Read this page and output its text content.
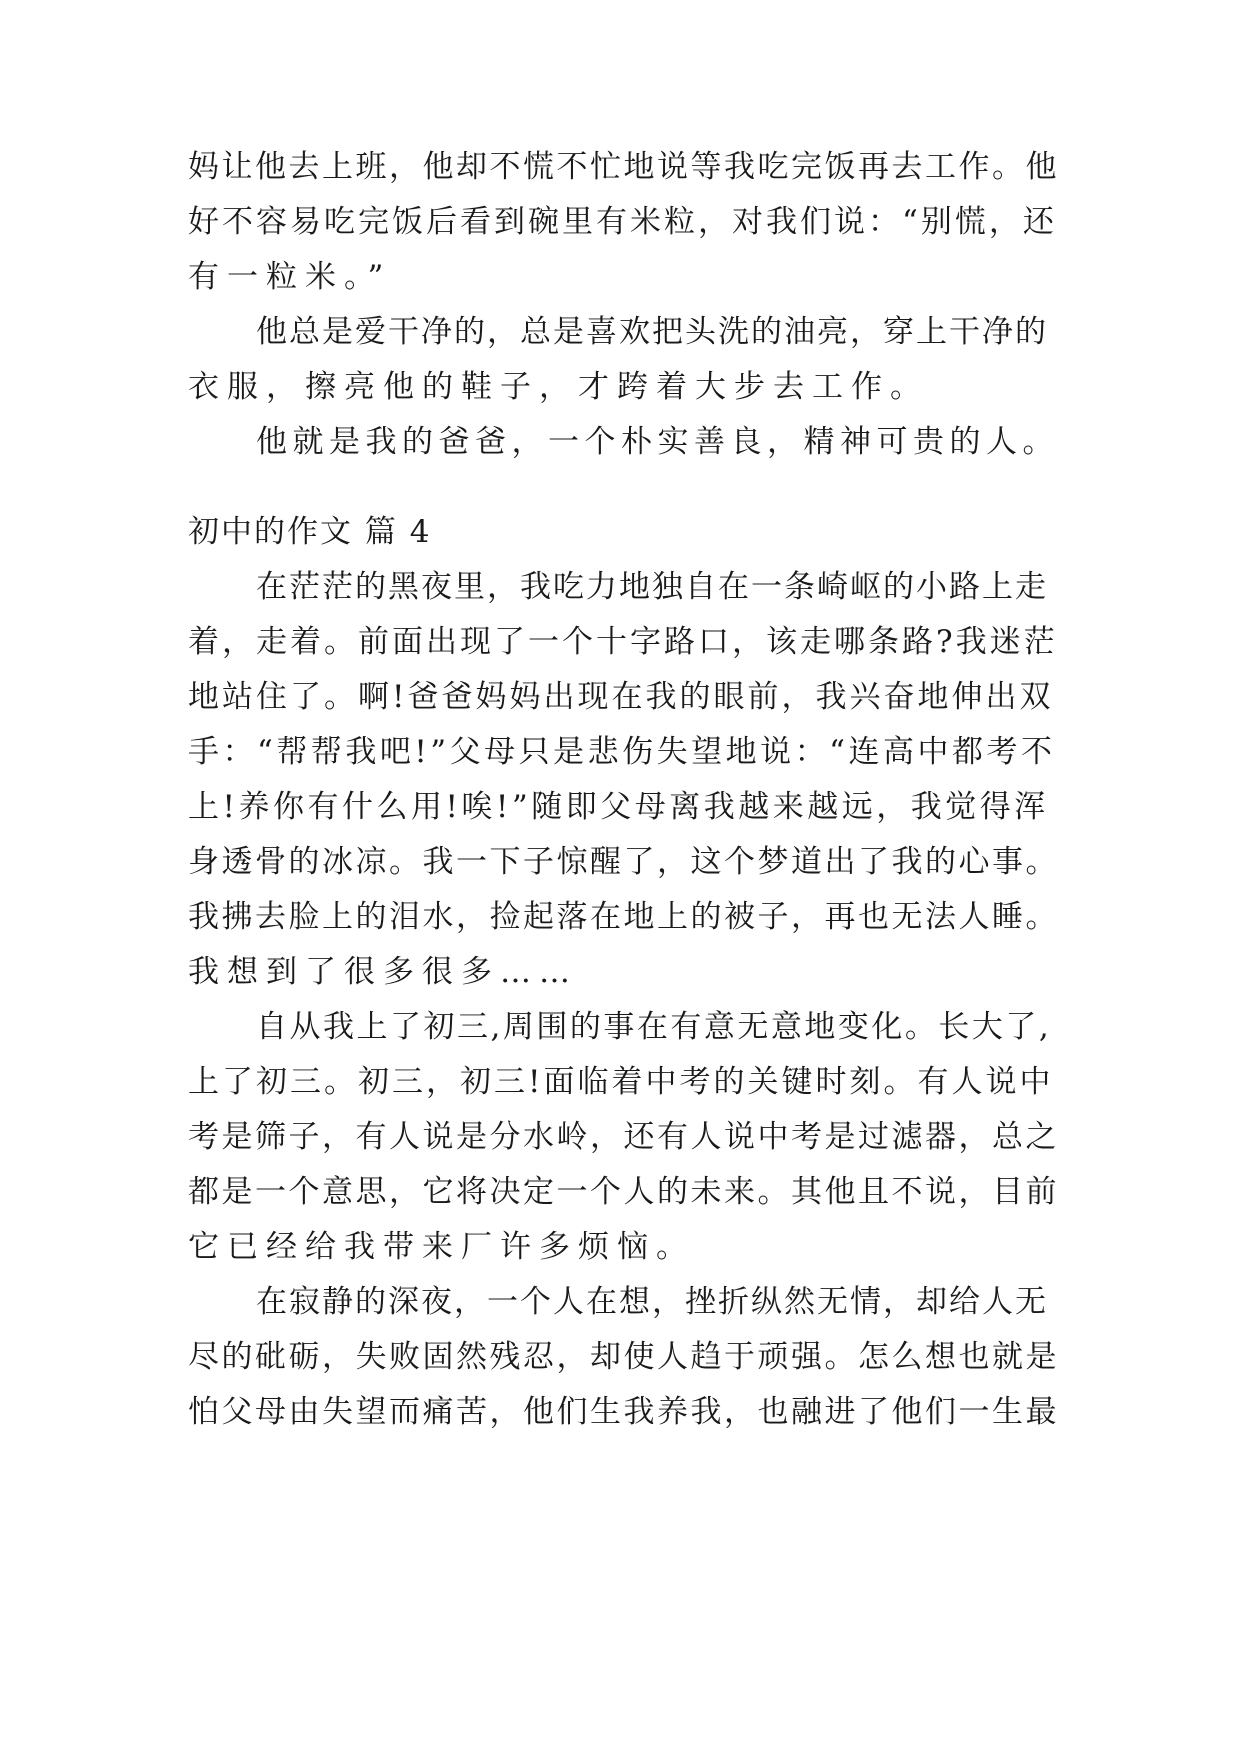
妈让他去上班，他却不慌不忙地说等我吃完饭再去工作。他
好不容易吃完饭后看到碗里有米粒，对我们说：“别慌，还
有一粒米。”
他总是爱干净的，总是喜欢把头洗的油亮，穿上干净的
衣服，擦亮他的鞋子，才跨着大步去工作。
他就是我的爸爸，一个朴实善良，精神可贵的人。
初中的作文 篇 4
在茫茫的黑夜里，我吃力地独自在一条崎岖的小路上走
着，走着。前面出现了一个十字路口，该走哪条路?我迷茫
地站住了。啊!爸爸妈妈出现在我的眼前，我兴奋地伸出双
手：“帮帮我吧!”父母只是悲伤失望地说：“连高中都考不
上!养你有什么用!唉!”随即父母离我越来越远，我觉得浑
身透骨的冰凉。我一下子惊醒了，这个梦道出了我的心事。
我拂去脸上的泪水，捡起落在地上的被子，再也无法人睡。
我想到了很多很多……
自从我上了初三,周围的事在有意无意地变化。长大了,
上了初三。初三，初三!面临着中考的关键时刻。有人说中
考是筛子，有人说是分水岭，还有人说中考是过滤器，总之
都是一个意思，它将决定一个人的未来。其他且不说，目前
它已经给我带来厂许多烦恼。
在寂静的深夜，一个人在想，挫折纵然无情，却给人无
尽的砒砺，失败固然残忍，却使人趋于顽强。怎么想也就是
怕父母由失望而痛苦，他们生我养我，也融进了他们一生最
